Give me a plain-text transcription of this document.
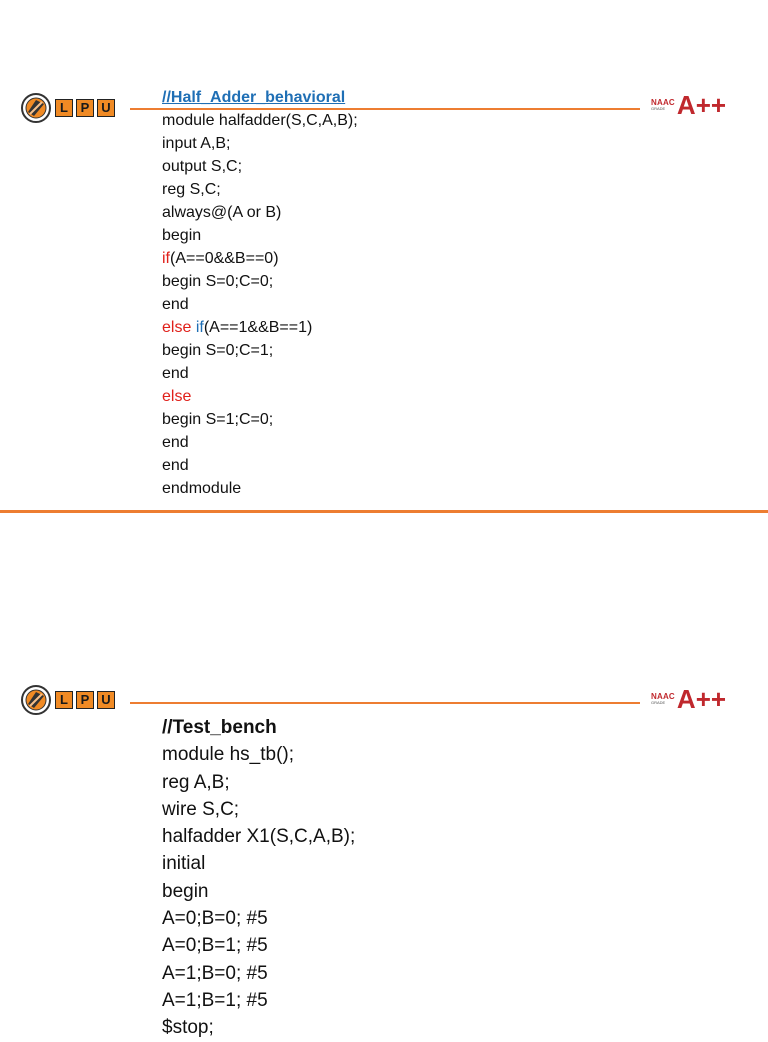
L P U	NAAC
GRADE A++
//Half_Adder_behavioral
module halfadder(S,C,A,B);
input A,B;
output S,C;
reg S,C;
always@(A or B)
begin
if(A==0&&B==0)
begin S=0;C=0;
end
else if(A==1&&B==1)
begin S=0;C=1;
end
else
begin S=1;C=0;
end
end
endmodule
L P U	NAAC
GRADE A++
//Test_bench
module hs_tb();
reg A,B;
wire S,C;
halfadder X1(S,C,A,B);
initial
begin
A=0;B=0; #5
A=0;B=1; #5
A=1;B=0; #5
A=1;B=1; #5
$stop;
